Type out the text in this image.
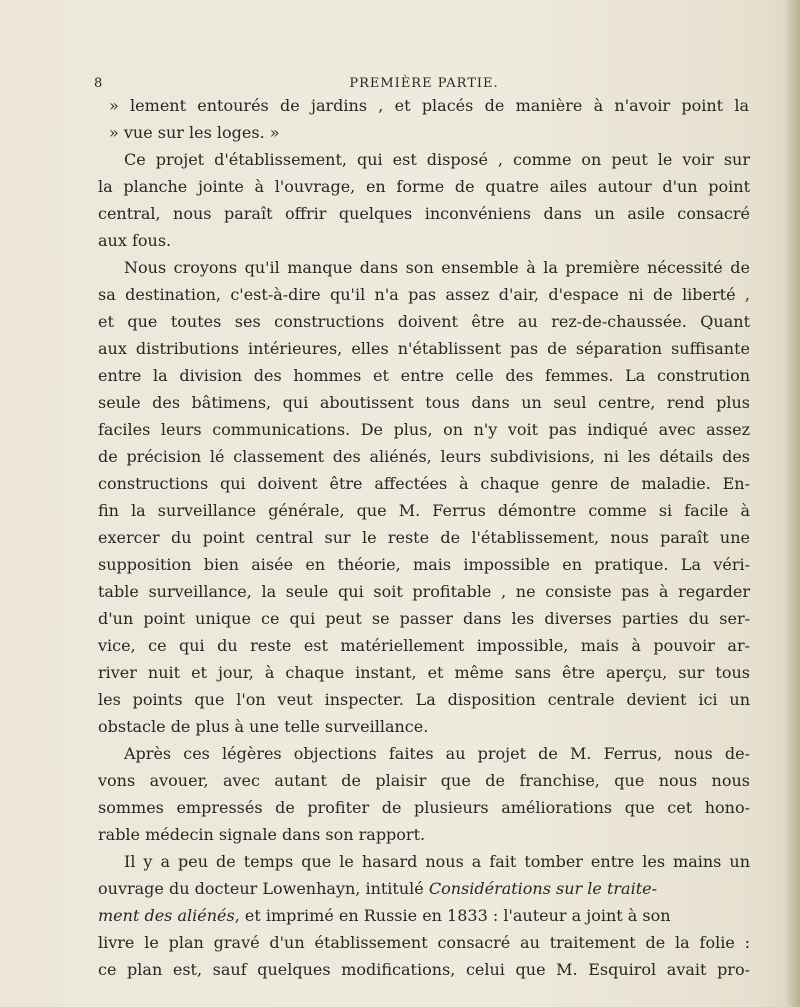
8	PREMIÈRE PARTIE.
» lement entourés de jardins , et placés de manière à n'avoir point la
» vue sur les loges. »
Ce projet d'établissement, qui est disposé , comme on peut le voir sur
la planche jointe à l'ouvrage, en forme de quatre ailes autour d'un point
central, nous paraît offrir quelques inconvéniens dans un asile consacré
aux fous.
Nous croyons qu'il manque dans son ensemble à la première nécessité de
sa destination, c'est-à-dire qu'il n'a pas assez d'air, d'espace ni de liberté ,
et que toutes ses constructions doivent être au rez-de-chaussée. Quant
aux distributions intérieures, elles n'établissent pas de séparation suffisante
entre la division des hommes et entre celle des femmes. La constrution
seule des bâtimens, qui aboutissent tous dans un seul centre, rend plus
faciles leurs communications. De plus, on n'y voit pas indiqué avec assez
de précision lé classement des aliénés, leurs subdivisions, ni les détails des
constructions qui doivent être affectées à chaque genre de maladie. En-
fin la surveillance générale, que M. Ferrus démontre comme si facile à
exercer du point central sur le reste de l'établissement, nous paraît une
supposition bien aisée en théorie, mais impossible en pratique. La véri-
table surveillance, la seule qui soit profitable , ne consiste pas à regarder
d'un point unique ce qui peut se passer dans les diverses parties du ser-
vice, ce qui du reste est matériellement impossible, mais à pouvoir ar-
river nuit et jour, à chaque instant, et même sans être aperçu, sur tous
les points que l'on veut inspecter. La disposition centrale devient ici un
obstacle de plus à une telle surveillance.
Après ces légères objections faites au projet de M. Ferrus, nous de-
vons avouer, avec autant de plaisir que de franchise, que nous nous
sommes empressés de profiter de plusieurs améliorations que cet hono-
rable médecin signale dans son rapport.
Il y a peu de temps que le hasard nous a fait tomber entre les mains un
ouvrage du docteur Lowenhayn, intitulé Considérations sur le traite-
ment des aliénés, et imprimé en Russie en 1833 : l'auteur a joint à son
livre le plan gravé d'un établissement consacré au traitement de la folie :
ce plan est, sauf quelques modifications, celui que M. Esquirol avait pro-
